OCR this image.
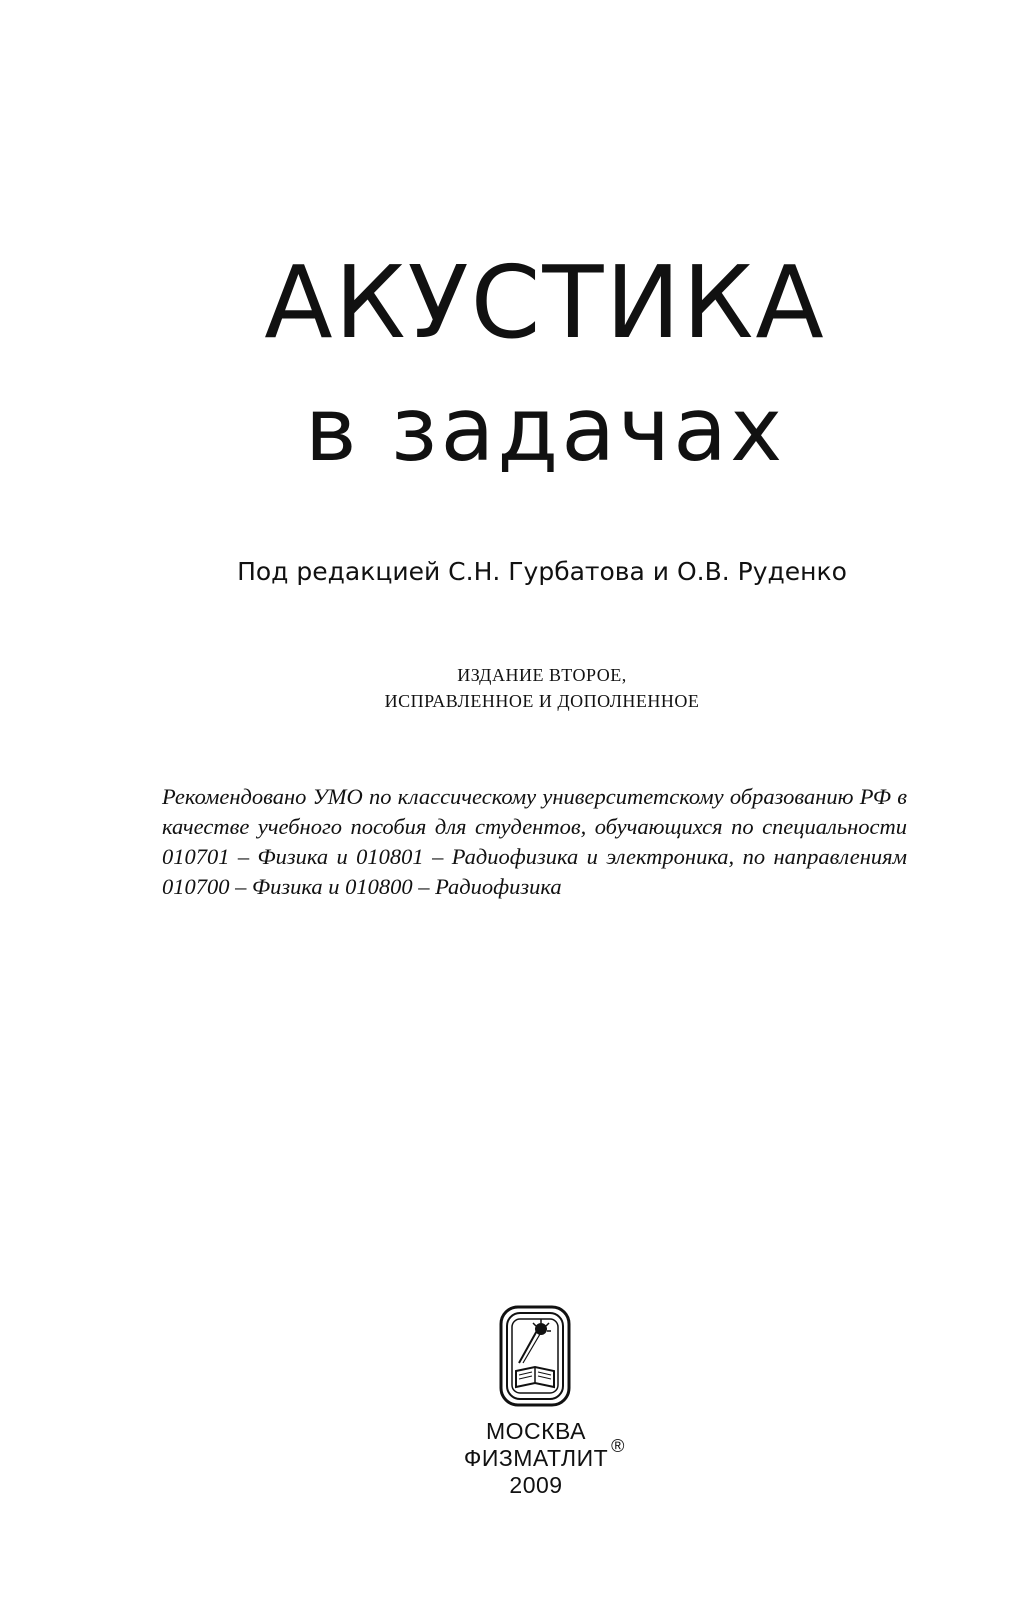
АКУСТИКА
в задачах
Под редакцией С.Н. Гурбатова и О.В. Руденко
ИЗДАНИЕ ВТОРОЕ,
ИСПРАВЛЕННОЕ И ДОПОЛНЕННОЕ
Рекомендовано УМО по классическому университетскому образованию РФ в качестве учебного пособия для студентов, обучающихся по специальности 010701 – Физика и 010801 – Радиофизика и электроника, по направлениям 010700 – Физика и 010800 – Радиофизика
МОСКВА
ФИЗМАТЛИТ ®
2009
